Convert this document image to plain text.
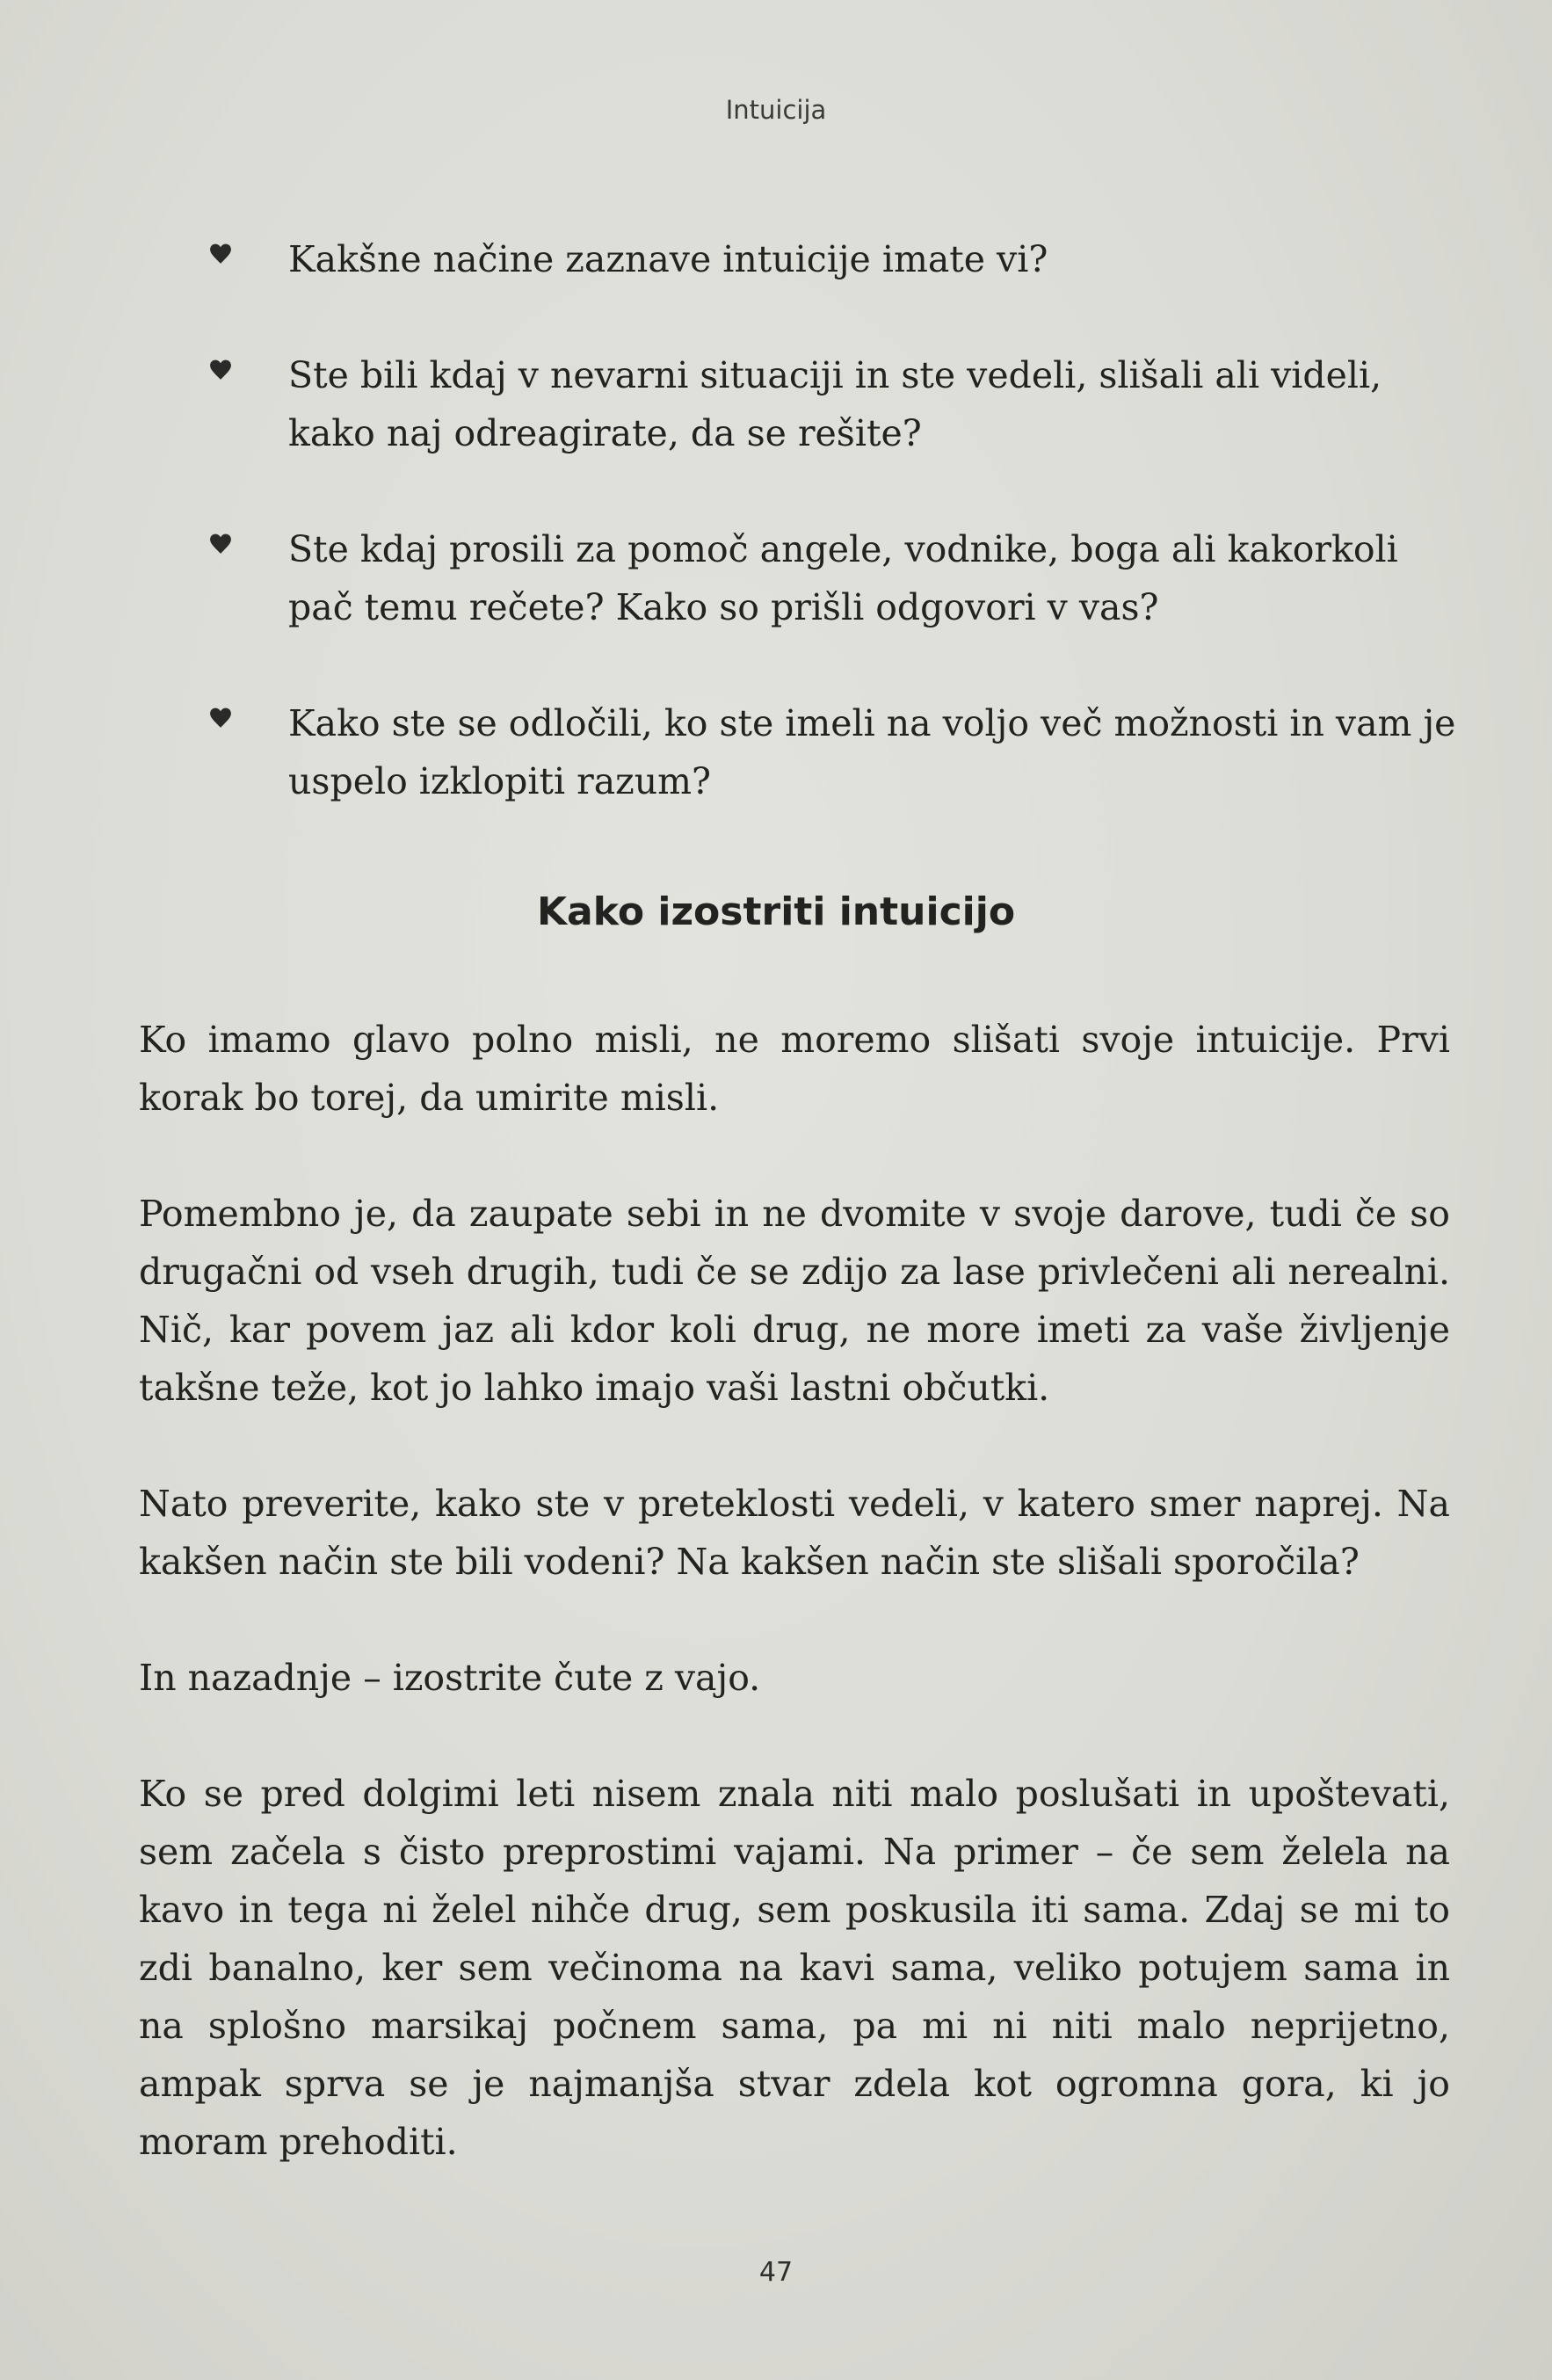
Intuicija
Kakšne načine zaznave intuicije imate vi?
Ste bili kdaj v nevarni situaciji in ste vedeli, slišali ali videli, kako naj odreagirate, da se rešite?
Ste kdaj prosili za pomoč angele, vodnike, boga ali kakorkoli pač temu rečete? Kako so prišli odgovori v vas?
Kako ste se odločili, ko ste imeli na voljo več možnosti in vam je uspelo izklopiti razum?
Kako izostriti intuicijo

Ko imamo glavo polno misli, ne moremo slišati svoje intuicije. Prvi korak bo torej, da umirite misli.

Pomembno je, da zaupate sebi in ne dvomite v svoje darove, tudi če so drugačni od vseh drugih, tudi če se zdijo za lase privlečeni ali nerealni. Nič, kar povem jaz ali kdor koli drug, ne more imeti za vaše življenje takšne teže, kot jo lahko imajo vaši lastni občutki.

Nato preverite, kako ste v preteklosti vedeli, v katero smer naprej. Na kakšen način ste bili vodeni? Na kakšen način ste slišali sporočila?

In nazadnje – izostrite čute z vajo.

Ko se pred dolgimi leti nisem znala niti malo poslušati in upoštevati, sem začela s čisto preprostimi vajami. Na primer – če sem želela na kavo in tega ni želel nihče drug, sem poskusila iti sama. Zdaj se mi to zdi banalno, ker sem večinoma na kavi sama, veliko potujem sama in na splošno marsikaj počnem sama, pa mi ni niti malo neprijetno, ampak sprva se je najmanjša stvar zdela kot ogromna gora, ki jo moram prehoditi.

47
